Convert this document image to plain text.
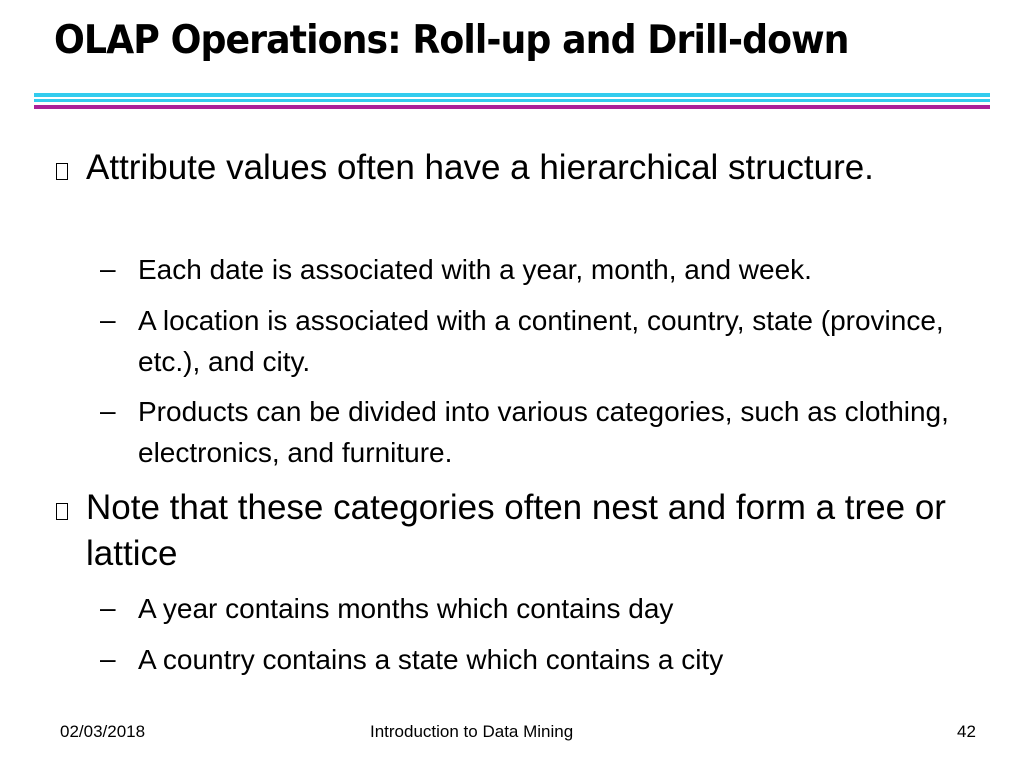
OLAP Operations: Roll-up and Drill-down
Attribute values often have a hierarchical structure.
– Each date is associated with a year, month, and week.
– A location is associated with a continent, country, state (province, etc.), and city.
– Products can be divided into various categories, such as clothing, electronics, and furniture.
Note that these categories often nest and form a tree or lattice
– A year contains months which contains day
– A country contains a state which contains a city
02/03/2018	Introduction to Data Mining	42
